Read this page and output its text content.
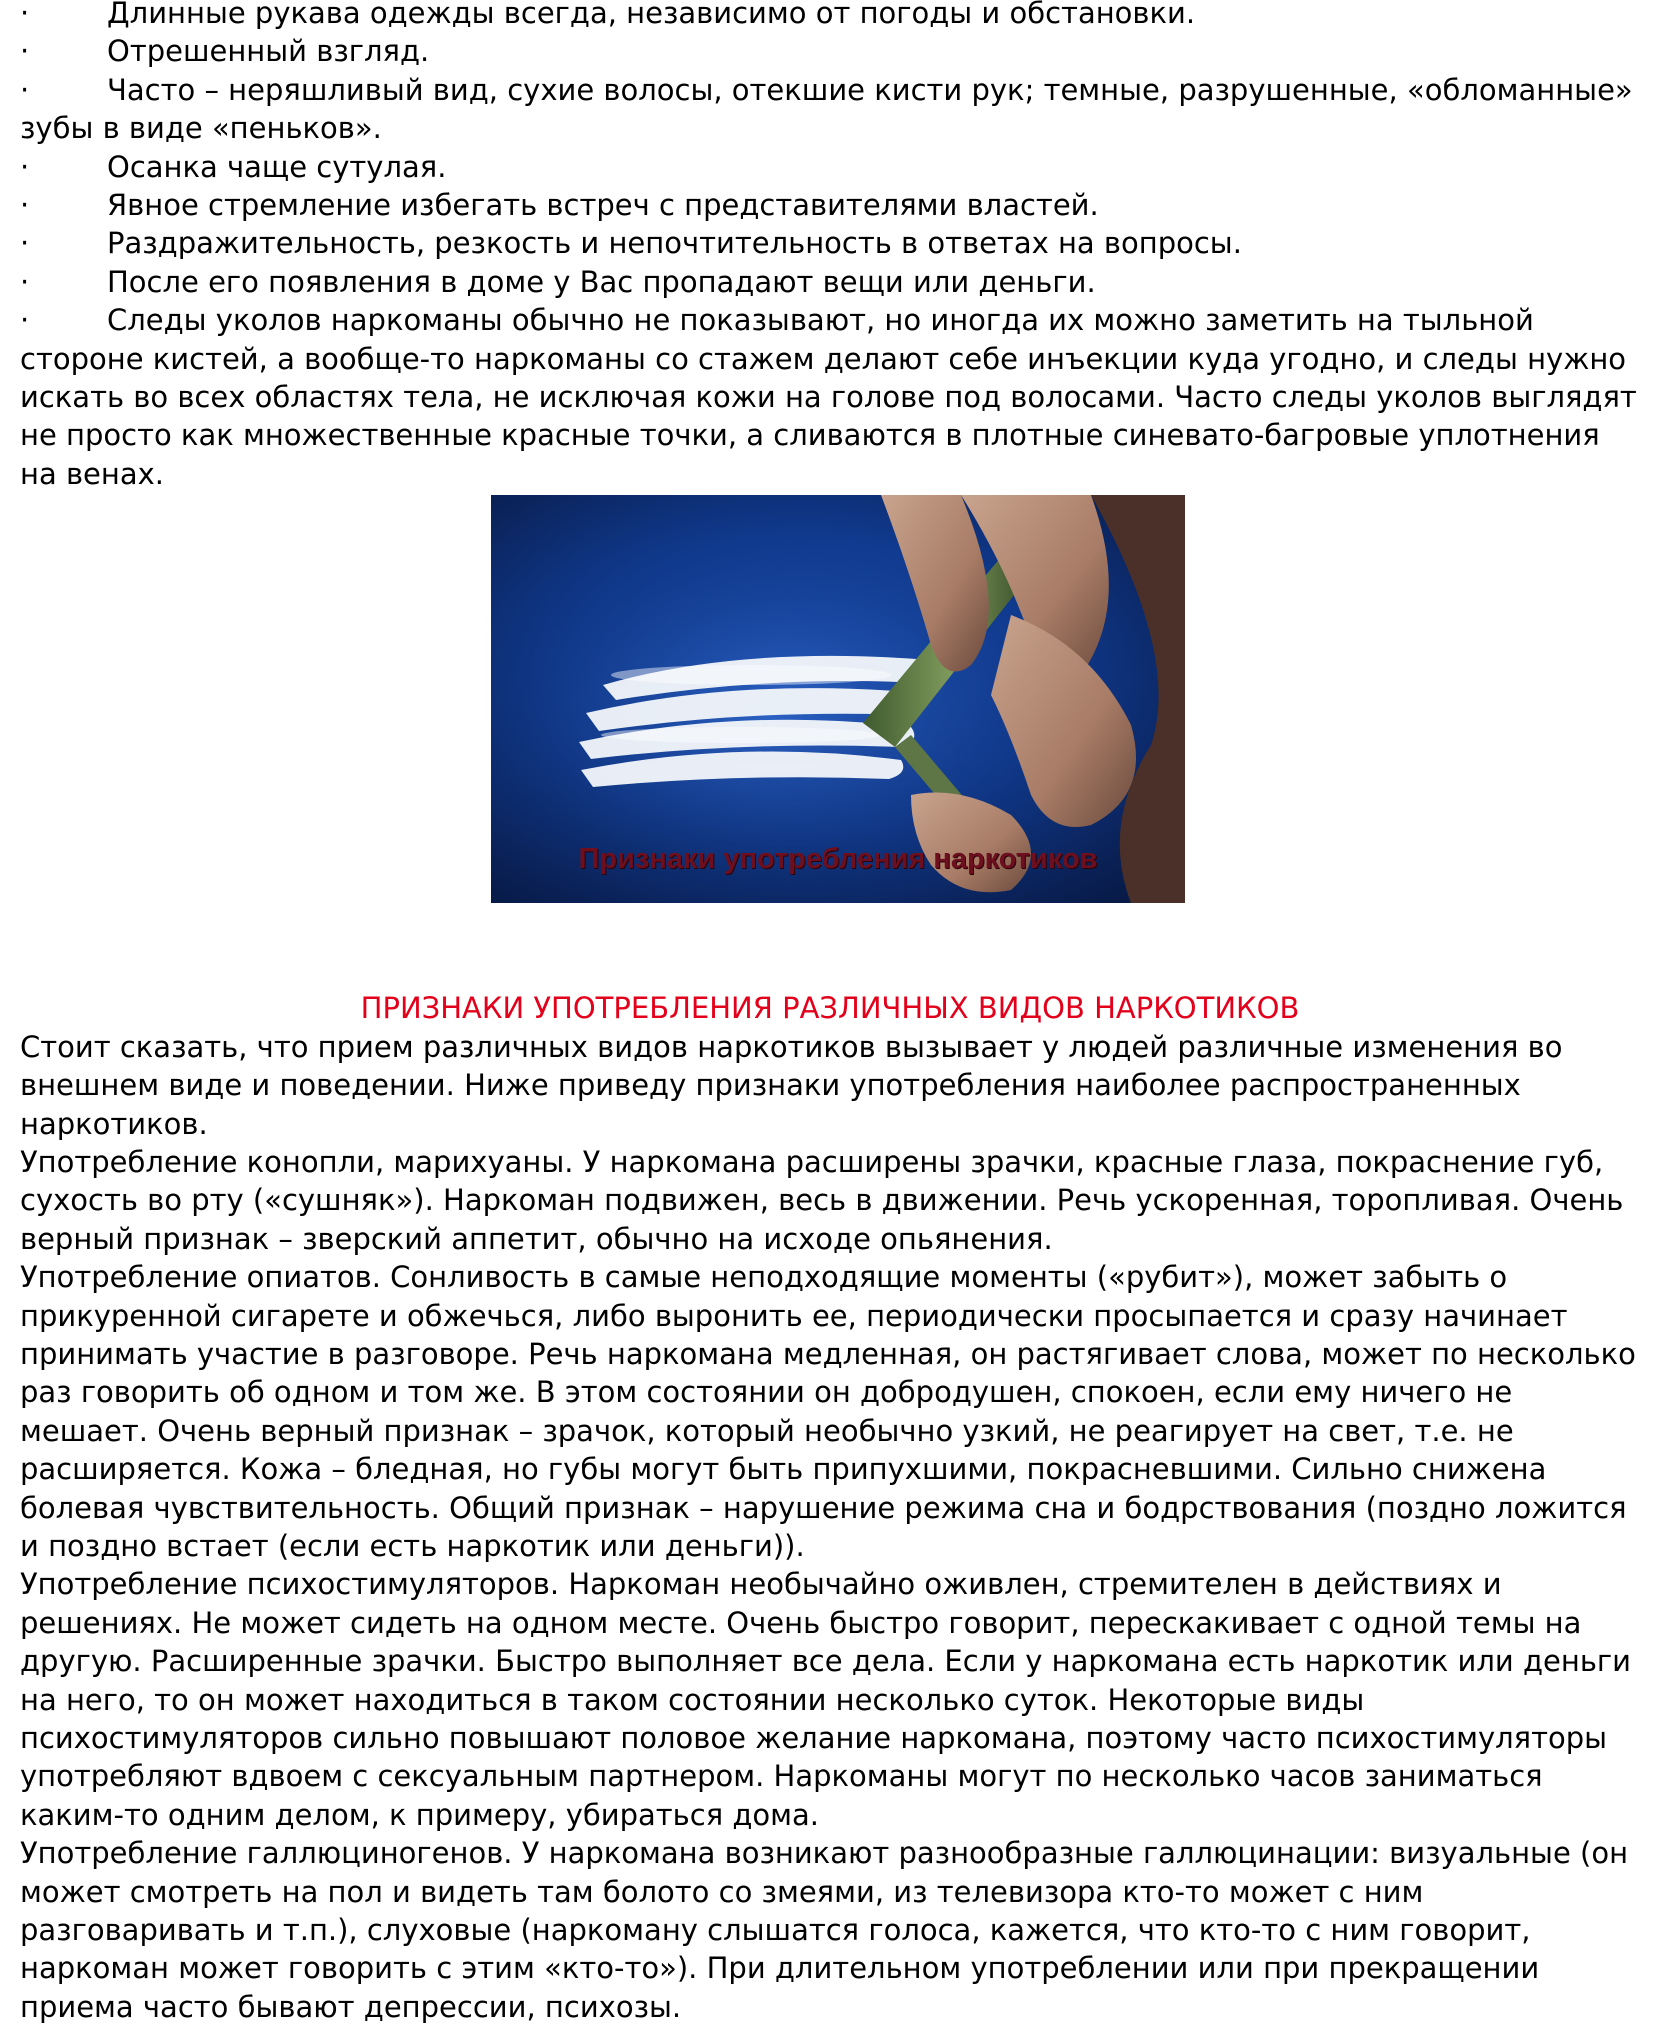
·	Длинные рукава одежды всегда, независимо от погоды и обстановки.
·	Отрешенный взгляд.
·	Часто – неряшливый вид, сухие волосы, отекшие кисти рук; темные, разрушенные, «обломанные» зубы в виде «пеньков».
·	Осанка чаще сутулая.
·	Явное стремление избегать встреч с представителями властей.
·	Раздражительность, резкость и непочтительность в ответах на вопросы.
·	После его появления в доме у Вас пропадают вещи или деньги.
·	Следы уколов наркоманы обычно не показывают, но иногда их можно заметить на тыльной стороне кистей, а вообще-то наркоманы со стажем делают себе инъекции куда угодно, и следы нужно искать во всех областях тела, не исключая кожи на голове под волосами. Часто следы уколов выглядят не просто как множественные красные точки, а сливаются в плотные синевато-багровые уплотнения на венах.
Признаки употребления наркотиков
ПРИЗНАКИ УПОТРЕБЛЕНИЯ РАЗЛИЧНЫХ ВИДОВ НАРКОТИКОВ

Стоит сказать, что прием различных видов наркотиков вызывает у людей различные изменения во внешнем виде и поведении. Ниже приведу признаки употребления наиболее распространенных наркотиков.

Употребление конопли, марихуаны. У наркомана расширены зрачки, красные глаза, покраснение губ, сухость во рту («сушняк»). Наркоман подвижен, весь в движении. Речь ускоренная, торопливая. Очень верный признак – зверский аппетит, обычно на исходе опьянения.

Употребление опиатов. Сонливость в самые неподходящие моменты («рубит»), может забыть о прикуренной сигарете и обжечься, либо выронить ее, периодически просыпается и сразу начинает принимать участие в разговоре. Речь наркомана медленная, он растягивает слова, может по несколько раз говорить об одном и том же. В этом состоянии он добродушен, спокоен, если ему ничего не мешает. Очень верный признак – зрачок, который необычно узкий, не реагирует на свет, т.е. не расширяется. Кожа – бледная, но губы могут быть припухшими, покрасневшими. Сильно снижена болевая чувствительность. Общий признак – нарушение режима сна и бодрствования (поздно ложится и поздно встает (если есть наркотик или деньги)).

Употребление психостимуляторов. Наркоман необычайно оживлен, стремителен в действиях и решениях. Не может сидеть на одном месте. Очень быстро говорит, перескакивает с одной темы на другую. Расширенные зрачки. Быстро выполняет все дела. Если у наркомана есть наркотик или деньги на него, то он может находиться в таком состоянии несколько суток. Некоторые виды психостимуляторов сильно повышают половое желание наркомана, поэтому часто психостимуляторы употребляют вдвоем с сексуальным партнером. Наркоманы могут по несколько часов заниматься каким-то одним делом, к примеру, убираться дома.

Употребление галлюциногенов. У наркомана возникают разнообразные галлюцинации: визуальные (он может смотреть на пол и видеть там болото со змеями, из телевизора кто-то может с ним разговаривать и т.п.), слуховые (наркоману слышатся голоса, кажется, что кто-то с ним говорит, наркоман может говорить с этим «кто-то»). При длительном употреблении или при прекращении приема часто бывают депрессии, психозы.
